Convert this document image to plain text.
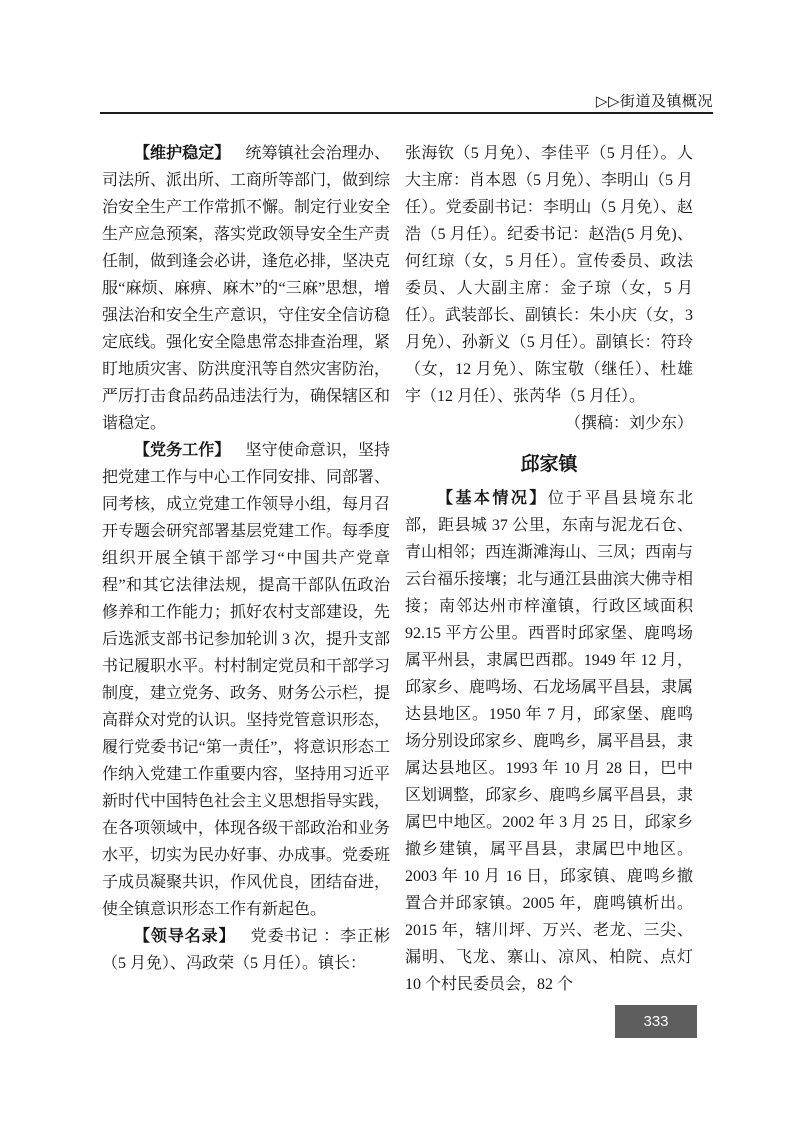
▷▷街道及镇概况

【维护稳定】 统筹镇社会治理办、司法所、派出所、工商所等部门，做到综治安全生产工作常抓不懈。制定行业安全生产应急预案，落实党政领导安全生产责任制，做到逢会必讲，逢危必排，坚决克服“麻烦、麻痹、麻木”的“三麻”思想，增强法治和安全生产意识，守住安全信访稳定底线。强化安全隐患常态排查治理，紧盯地质灾害、防洪度汛等自然灾害防治，严厉打击食品药品违法行为，确保辖区和谐稳定。

【党务工作】 坚守使命意识，坚持把党建工作与中心工作同安排、同部署、同考核，成立党建工作领导小组，每月召开专题会研究部署基层党建工作。每季度组织开展全镇干部学习“中国共产党章程”和其它法律法规，提高干部队伍政治修养和工作能力；抓好农村支部建设，先后选派支部书记参加轮训 3 次，提升支部书记履职水平。村村制定党员和干部学习制度，建立党务、政务、财务公示栏，提高群众对党的认识。坚持党管意识形态，履行党委书记“第一责任”，将意识形态工作纳入党建工作重要内容，坚持用习近平新时代中国特色社会主义思想指导实践，在各项领域中，体现各级干部政治和业务水平，切实为民办好事、办成事。党委班子成员凝聚共识，作风优良，团结奋进，使全镇意识形态工作有新起色。

【领导名录】 党委书记 ：李正彬（5 月免）、冯政荣（5 月任）。镇长：

张海钦（5 月免）、李佳平（5 月任）。人大主席：肖本恩（5 月免）、李明山（5 月任）。党委副书记：李明山（5 月免）、赵浩（5 月任）。纪委书记：赵浩(5 月免)、何红琼（女，5 月任）。宣传委员、政法委员、人大副主席：金子琼（女，5 月任）。武装部长、副镇长：朱小庆（女，3 月免）、孙新义（5 月任）。副镇长：符玲（女，12 月免）、陈宝敬（继任）、杜雄宇（12 月任）、张芮华（5 月任）。

（撰稿：刘少东）

邱家镇

【基本情况】位于平昌县境东北部，距县城 37 公里，东南与泥龙石仓、青山相邻；西连澌滩海山、三凤；西南与云台福乐接壤；北与通江县曲滨大佛寺相接；南邻达州市梓潼镇，行政区域面积 92.15 平方公里。西晋时邱家堡、鹿鸣场属平州县，隶属巴西郡。1949 年 12 月，邱家乡、鹿鸣场、石龙场属平昌县，隶属达县地区。1950 年 7 月，邱家堡、鹿鸣场分别设邱家乡、鹿鸣乡，属平昌县，隶属达县地区。1993 年 10 月 28 日，巴中区划调整，邱家乡、鹿鸣乡属平昌县，隶属巴中地区。2002 年 3 月 25 日，邱家乡撤乡建镇，属平昌县，隶属巴中地区。2003 年 10 月 16 日，邱家镇、鹿鸣乡撤置合并邱家镇。2005 年，鹿鸣镇析出。2015 年，辖川坪、万兴、老龙、三尖、漏明、飞龙、寨山、凉风、柏院、点灯 10 个村民委员会，82 个

333
